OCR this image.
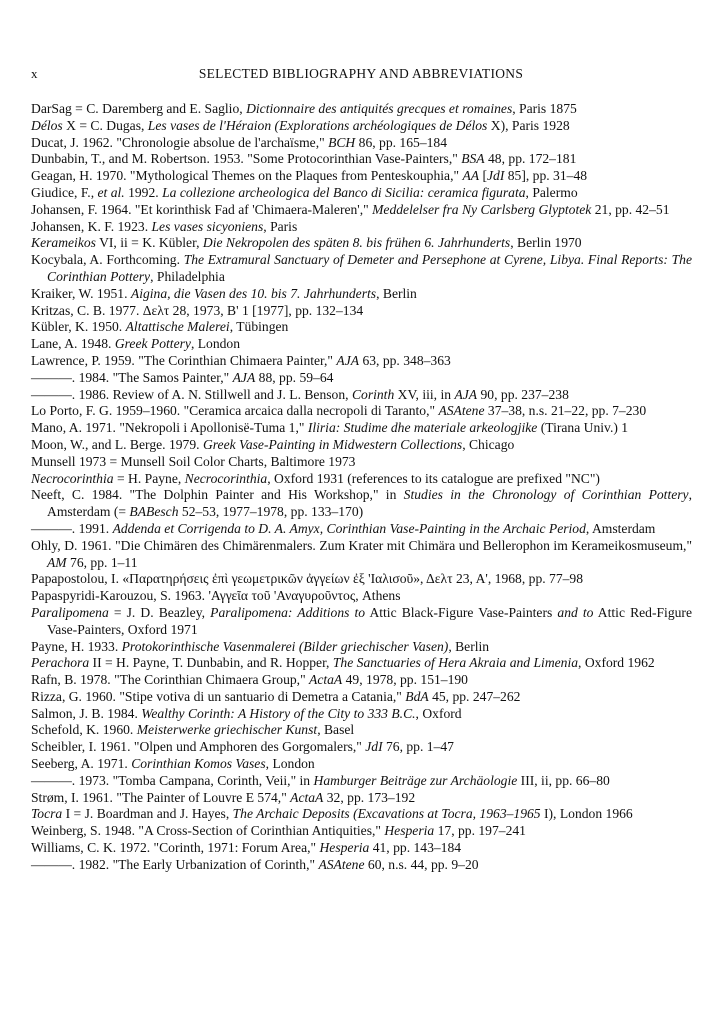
x	SELECTED BIBLIOGRAPHY AND ABBREVIATIONS

DarSag = C. Daremberg and E. Saglio, Dictionnaire des antiquités grecques et romaines, Paris 1875

Délos X = C. Dugas, Les vases de l'Héraion (Explorations archéologiques de Délos X), Paris 1928

Ducat, J. 1962. "Chronologie absolue de l'archaïsme," BCH 86, pp. 165–184

Dunbabin, T., and M. Robertson. 1953. "Some Protocorinthian Vase-Painters," BSA 48, pp. 172–181

Geagan, H. 1970. "Mythological Themes on the Plaques from Penteskouphia," AA [JdI 85], pp. 31–48

Giudice, F., et al. 1992. La collezione archeologica del Banco di Sicilia: ceramica figurata, Palermo

Johansen, F. 1964. "Et korinthisk Fad af 'Chimaera-Maleren'," Meddelelser fra Ny Carlsberg Glyptotek 21, pp. 42–51

Johansen, K. F. 1923. Les vases sicyoniens, Paris

Kerameikos VI, ii = K. Kübler, Die Nekropolen des späten 8. bis frühen 6. Jahrhunderts, Berlin 1970

Kocybala, A. Forthcoming. The Extramural Sanctuary of Demeter and Persephone at Cyrene, Libya. Final Reports: The Corinthian Pottery, Philadelphia

Kraiker, W. 1951. Aigina, die Vasen des 10. bis 7. Jahrhunderts, Berlin

Kritzas, C. B. 1977. Δελτ 28, 1973, Β' 1 [1977], pp. 132–134

Kübler, K. 1950. Altattische Malerei, Tübingen

Lane, A. 1948. Greek Pottery, London

Lawrence, P. 1959. "The Corinthian Chimaera Painter," AJA 63, pp. 348–363

———. 1984. "The Samos Painter," AJA 88, pp. 59–64

———. 1986. Review of A. N. Stillwell and J. L. Benson, Corinth XV, iii, in AJA 90, pp. 237–238

Lo Porto, F. G. 1959–1960. "Ceramica arcaica dalla necropoli di Taranto," ASAtene 37–38, n.s. 21–22, pp. 7–230

Mano, A. 1971. "Nekropoli i Apollonisë-Tuma 1," Iliria: Studime dhe materiale arkeologjike (Tirana Univ.) 1

Moon, W., and L. Berge. 1979. Greek Vase-Painting in Midwestern Collections, Chicago

Munsell 1973 = Munsell Soil Color Charts, Baltimore 1973

Necrocorinthia = H. Payne, Necrocorinthia, Oxford 1931 (references to its catalogue are prefixed "NC")

Neeft, C. 1984. "The Dolphin Painter and His Workshop," in Studies in the Chronology of Corinthian Pottery, Amsterdam (= BABesch 52–53, 1977–1978, pp. 133–170)

———. 1991. Addenda et Corrigenda to D. A. Amyx, Corinthian Vase-Painting in the Archaic Period, Amsterdam

Ohly, D. 1961. "Die Chimären des Chimärenmalers. Zum Krater mit Chimära und Bellerophon im Kerameikosmuseum," AM 76, pp. 1–11

Papapostolou, I. «Παρατηρήσεις ἐπὶ γεωμετρικῶν ἀγγείων ἐξ 'Ιαλισοῦ», Δελτ 23, Α', 1968, pp. 77–98

Papaspyridi-Karouzou, S. 1963. 'Αγγεῖα τοῦ 'Αναγυροῦντος, Athens

Paralipomena = J. D. Beazley, Paralipomena: Additions to Attic Black-Figure Vase-Painters and to Attic Red-Figure Vase-Painters, Oxford 1971

Payne, H. 1933. Protokorinthische Vasenmalerei (Bilder griechischer Vasen), Berlin

Perachora II = H. Payne, T. Dunbabin, and R. Hopper, The Sanctuaries of Hera Akraia and Limenia, Oxford 1962

Rafn, B. 1978. "The Corinthian Chimaera Group," ActaA 49, 1978, pp. 151–190

Rizza, G. 1960. "Stipe votiva di un santuario di Demetra a Catania," BdA 45, pp. 247–262

Salmon, J. B. 1984. Wealthy Corinth: A History of the City to 333 B.C., Oxford

Schefold, K. 1960. Meisterwerke griechischer Kunst, Basel

Scheibler, I. 1961. "Olpen und Amphoren des Gorgomalers," JdI 76, pp. 1–47

Seeberg, A. 1971. Corinthian Komos Vases, London

———. 1973. "Tomba Campana, Corinth, Veii," in Hamburger Beiträge zur Archäologie III, ii, pp. 66–80

Strøm, I. 1961. "The Painter of Louvre E 574," ActaA 32, pp. 173–192

Tocra I = J. Boardman and J. Hayes, The Archaic Deposits (Excavations at Tocra, 1963–1965 I), London 1966

Weinberg, S. 1948. "A Cross-Section of Corinthian Antiquities," Hesperia 17, pp. 197–241

Williams, C. K. 1972. "Corinth, 1971: Forum Area," Hesperia 41, pp. 143–184

———. 1982. "The Early Urbanization of Corinth," ASAtene 60, n.s. 44, pp. 9–20
